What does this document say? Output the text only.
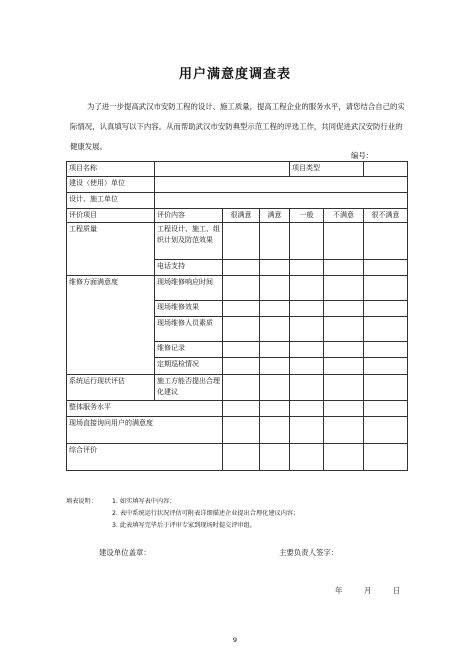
用户满意度调查表

为了进一步提高武汉市安防工程的设计、施工质量，提高工程企业的服务水平，请您结合自己的实际情况，认真填写以下内容。从而帮助武汉市安防典型示范工程的评选工作，共同促进武汉安防行业的健康发展。

编号：
项目名称				项目类型		
建设（使用）单位						
设计、施工单位						
评价项目	评价内容	很满意	满意	一般	不满意	很不满意
工程质量	工程设计、施工、组织计划及防范效果					
	电话支持					
维修方面满意度	现场维修响应时间					
	现场维修效果					
	现场维修人员素质					
	维修记录					
	定期巡检情况					
系统运行现状评估	施工方能否提出合理化建议					
整体服务水平						
现场直接询问用户的满意度						
综合评价						
填表说明：	1. 如实填写表中内容；
2. 表中系统运行状况评估可附表详细描述企业提出合理化建议内容；
3. 此表填写完毕后于评审专家到现场时提交评审组。
建设单位盖章：	主要负责人签字：
年	月	日
9
